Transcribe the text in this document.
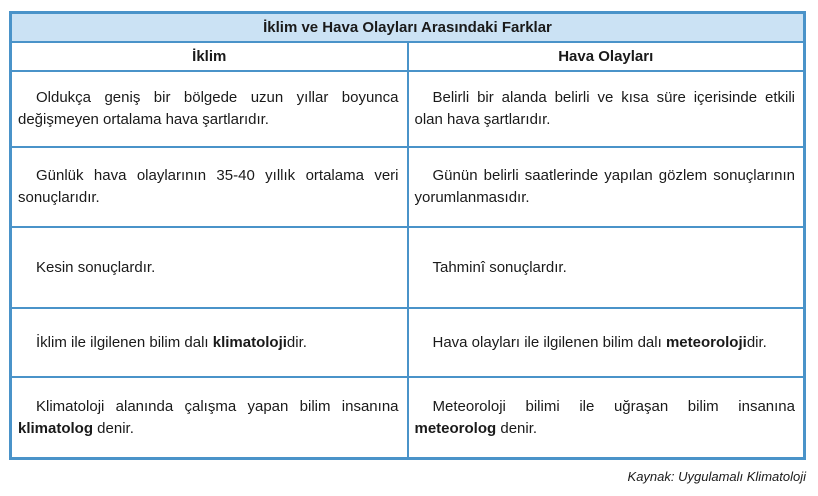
İklim ve Hava Olayları Arasındaki Farklar	
İklim	Hava Olayları
Oldukça geniş bir bölgede uzun yıllar boyunca değişmeyen ortalama hava şartlarıdır.	Belirli bir alanda belirli ve kısa süre içerisinde etkili olan hava şartlarıdır.
Günlük hava olaylarının 35-40 yıllık ortalama veri sonuçlarıdır.	Günün belirli saatlerinde yapılan gözlem sonuçlarının yorumlanmasıdır.
Kesin sonuçlardır.	Tahminî sonuçlardır.
İklim ile ilgilenen bilim dalı klimatolojidir.	Hava olayları ile ilgilenen bilim dalı meteorolojidir.
Klimatoloji alanında çalışma yapan bilim insanına klimatolog denir.	Meteoroloji bilimi ile uğraşan bilim insanına meteorolog denir.
Kaynak: Uygulamalı Klimatoloji
